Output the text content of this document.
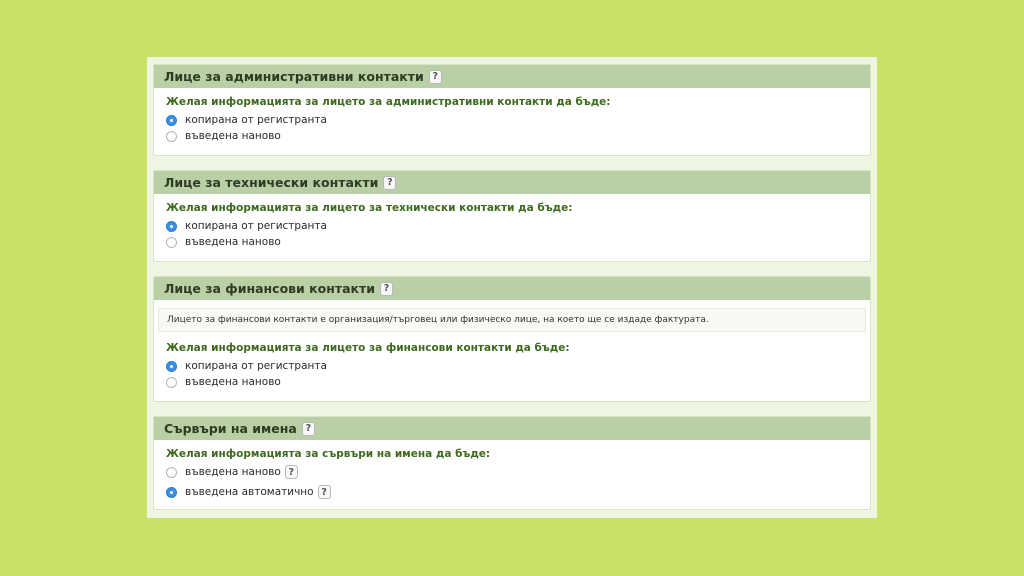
Лице за административни контакти ?
Желая информацията за лицето за административни контакти да бъде:
копирана от регистранта
въведена наново
Лице за технически контакти ?
Желая информацията за лицето за технически контакти да бъде:
копирана от регистранта
въведена наново
Лице за финансови контакти ?
Лицето за финансови контакти е организация/търговец или физическо лице, на което ще се издаде фактурата.
Желая информацията за лицето за финансови контакти да бъде:
копирана от регистранта
въведена наново
Сървъри на имена ?
Желая информацията за сървъри на имена да бъде:
въведена наново ?
въведена автоматично ?
